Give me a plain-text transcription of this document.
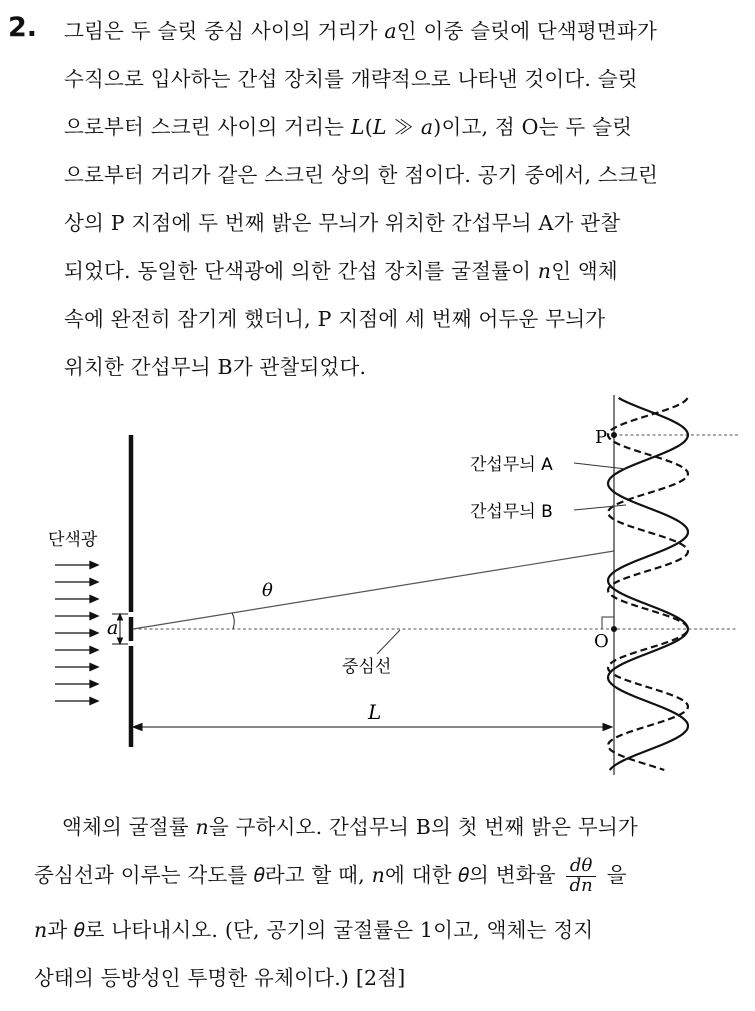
2. 그림은 두 슬릿 중심 사이의 거리가 𝑎인 이중 슬릿에 단색평면파가
수직으로 입사하는 간섭 장치를 개략적으로 나타낸 것이다. 슬릿
으로부터 스크린 사이의 거리는 𝐿(𝐿 ≫ 𝑎)이고, 점 O는 두 슬릿
으로부터 거리가 같은 스크린 상의 한 점이다. 공기 중에서, 스크린
상의 P 지점에 두 번째 밝은 무늬가 위치한 간섭무늬 A가 관찰
되었다. 동일한 단색광에 의한 간섭 장치를 굴절률이 𝑛인 액체
속에 완전히 잠기게 했더니, P 지점에 세 번째 어두운 무늬가
위치한 간섭무늬 B가 관찰되었다.
단색광
a
θ
중심선
L
P
O
간섭무늬 A
간섭무늬 B
액체의 굴절률 𝑛을 구하시오. 간섭무늬 B의 첫 번째 밝은 무늬가
중심선과 이루는 각도를 𝜃라고 할 때, 𝑛에 대한 𝜃의 변화율 $\frac{d\theta}{dn}$ 을
𝑛과 𝜃로 나타내시오. (단, 공기의 굴절률은 1이고, 액체는 정지
상태의 등방성인 투명한 유체이다.) [2점]
